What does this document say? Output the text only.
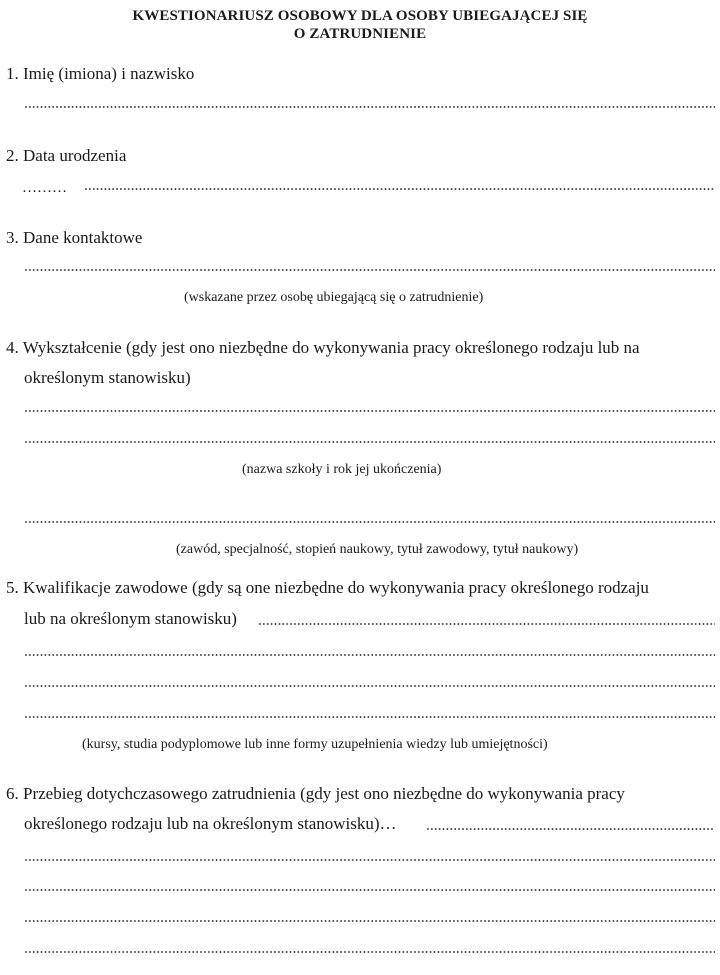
KWESTIONARIUSZ OSOBOWY DLA OSOBY UBIEGAJĄCEJ SIĘ
O ZATRUDNIENIE
1. Imię (imiona) i nazwisko
2. Data urodzenia
………
3. Dane kontaktowe
(wskazane przez osobę ubiegającą się o zatrudnienie)
4. Wykształcenie (gdy jest ono niezbędne do wykonywania pracy określonego rodzaju lub na
określonym stanowisku)
(nazwa szkoły i rok jej ukończenia)
(zawód, specjalność, stopień naukowy, tytuł zawodowy, tytuł naukowy)
5. Kwalifikacje zawodowe (gdy są one niezbędne do wykonywania pracy określonego rodzaju
lub na określonym stanowisku)
(kursy, studia podyplomowe lub inne formy uzupełnienia wiedzy lub umiejętności)
6. Przebieg dotychczasowego zatrudnienia (gdy jest ono niezbędne do wykonywania pracy
określonego rodzaju lub na określonym stanowisku)…
